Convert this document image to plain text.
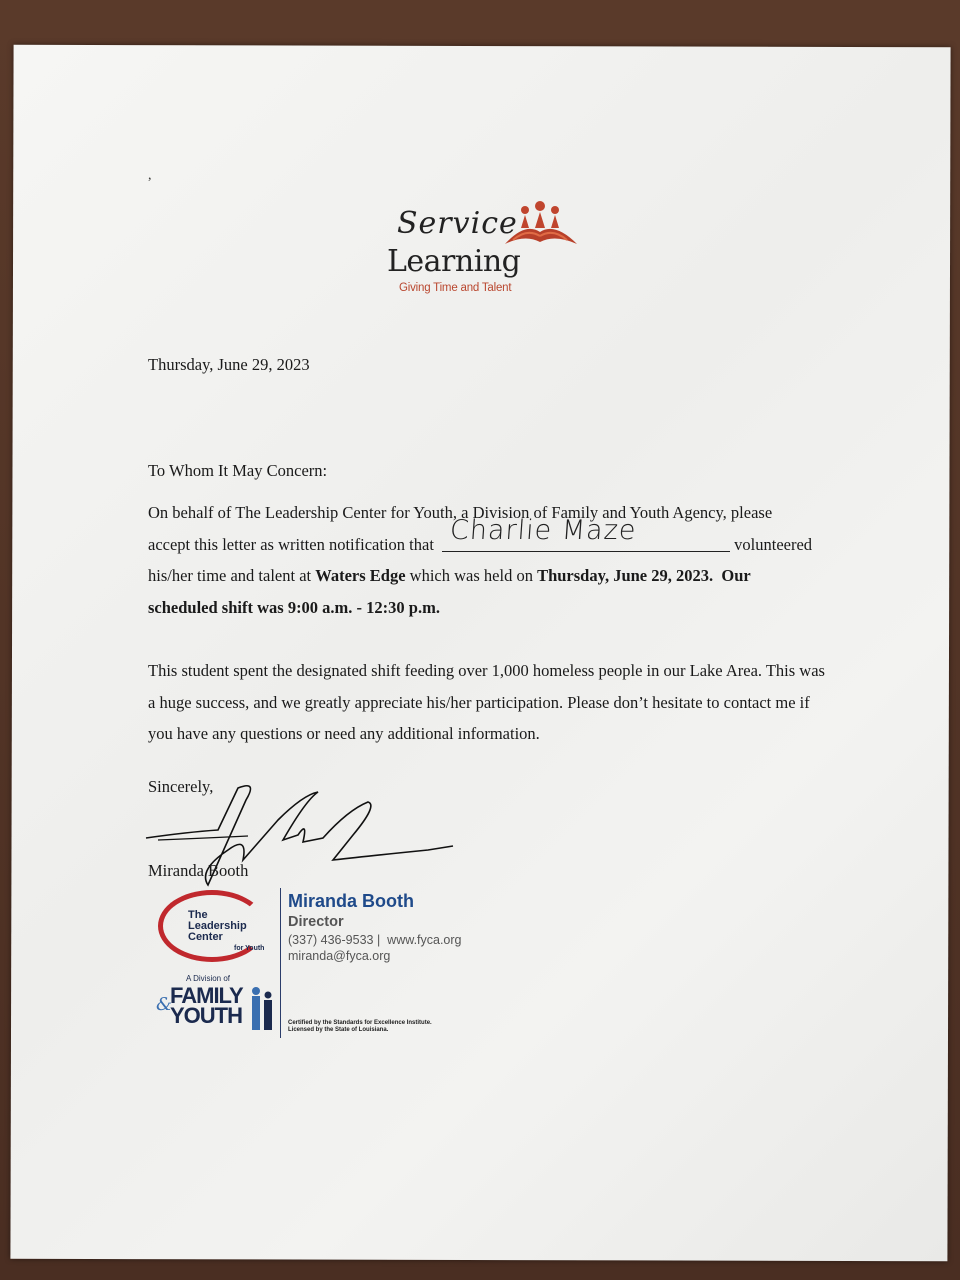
,
Service
Learning
Giving Time and Talent
Thursday, June 29, 2023
To Whom It May Concern:
On behalf of The Leadership Center for Youth, a Division of Family and Youth Agency, please accept this letter as written notification that Charlie Maze	volunteered his/her time and talent at Waters Edge which was held on Thursday, June 29, 2023. Our scheduled shift was 9:00 a.m. - 12:30 p.m.
This student spent the designated shift feeding over 1,000 homeless people in our Lake Area. This was a huge success, and we greatly appreciate his/her participation. Please don’t hesitate to contact me if you have any questions or need any additional information.
Sincerely,
Miranda Booth
The
Leadership
Center
for Youth
A Division of
&
FAMILY
YOUTH
Miranda Booth
Director
(337) 436-9533 | www.fyca.org
miranda@fyca.org
Certified by the Standards for Excellence Institute.
Licensed by the State of Louisiana.
